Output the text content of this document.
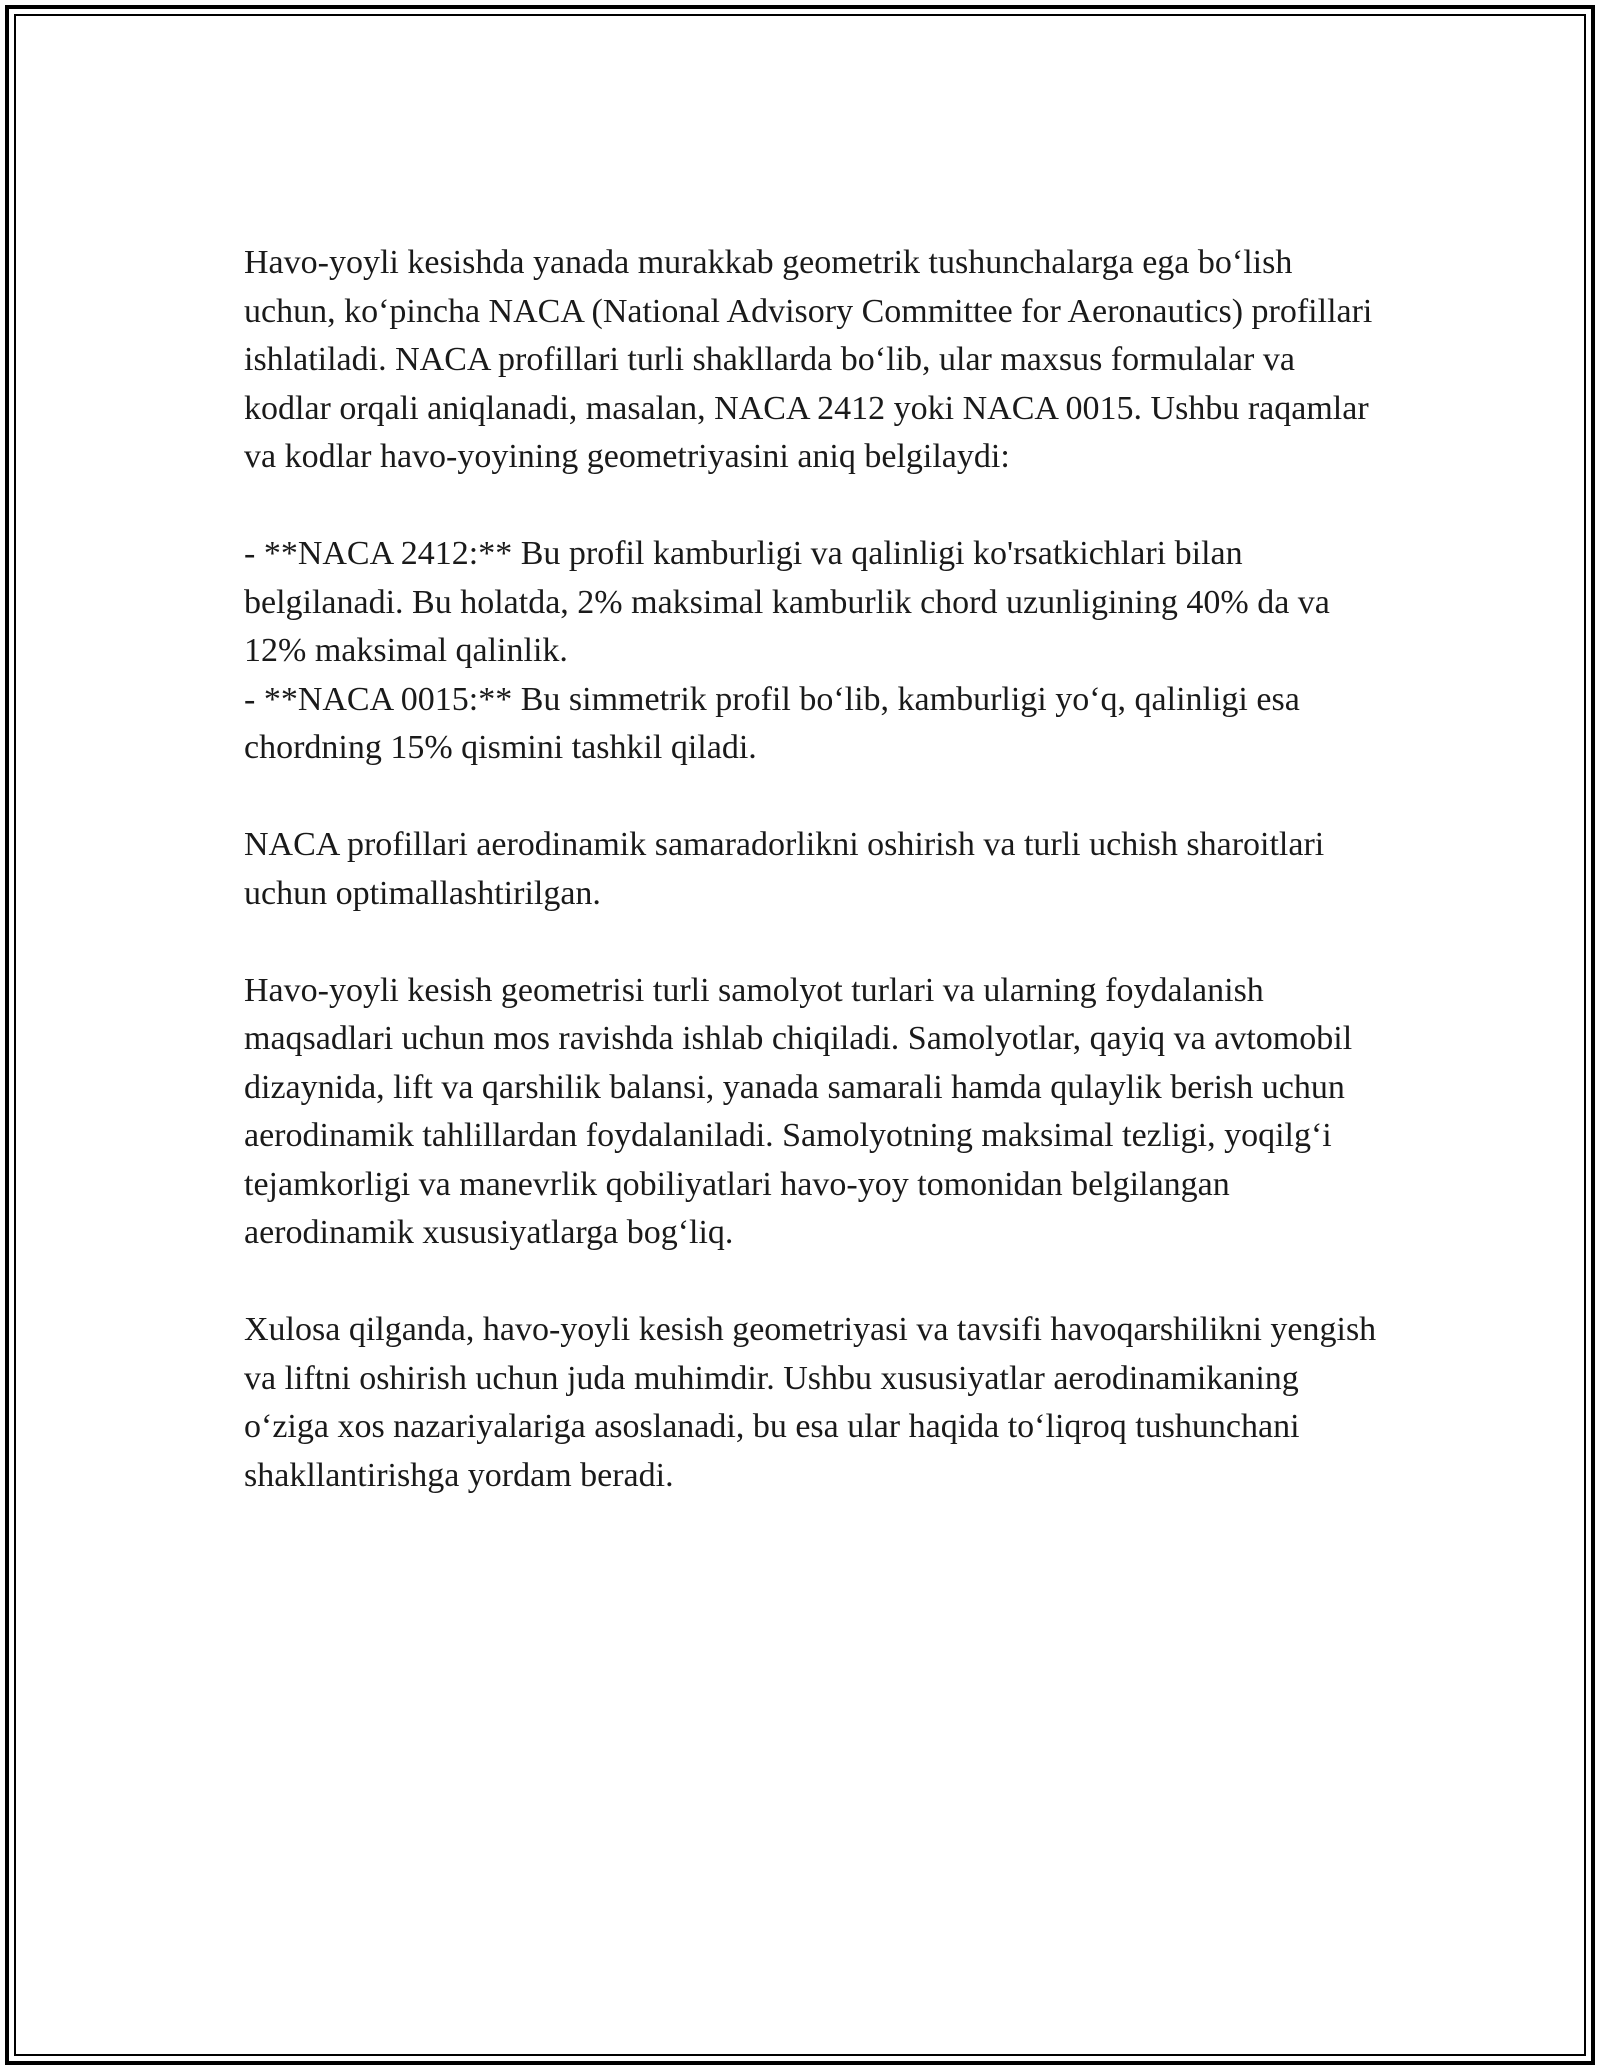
Havo-yoyli kesishda yanada murakkab geometrik tushunchalarga ega bo‘lish uchun, ko‘pincha NACA (National Advisory Committee for Aeronautics) profillari ishlatiladi. NACA profillari turli shakllarda bo‘lib, ular maxsus formulalar va kodlar orqali aniqlanadi, masalan, NACA 2412 yoki NACA 0015. Ushbu raqamlar va kodlar havo-yoyining geometriyasini aniq belgilaydi:

- **NACA 2412:** Bu profil kamburligi va qalinligi ko'rsatkichlari bilan belgilanadi. Bu holatda, 2% maksimal kamburlik chord uzunligining 40% da va 12% maksimal qalinlik.

- **NACA 0015:** Bu simmetrik profil bo‘lib, kamburligi yo‘q, qalinligi esa chordning 15% qismini tashkil qiladi.

NACA profillari aerodinamik samaradorlikni oshirish va turli uchish sharoitlari uchun optimallashtirilgan.

Havo-yoyli kesish geometrisi turli samolyot turlari va ularning foydalanish maqsadlari uchun mos ravishda ishlab chiqiladi. Samolyotlar, qayiq va avtomobil dizaynida, lift va qarshilik balansi, yanada samarali hamda qulaylik berish uchun aerodinamik tahlillardan foydalaniladi. Samolyotning maksimal tezligi, yoqilg‘i tejamkorligi va manevrlik qobiliyatlari havo-yoy tomonidan belgilangan aerodinamik xususiyatlarga bog‘liq.

Xulosa qilganda, havo-yoyli kesish geometriyasi va tavsifi havoqarshilikni yengish va liftni oshirish uchun juda muhimdir. Ushbu xususiyatlar aerodinamikaning o‘ziga xos nazariyalariga asoslanadi, bu esa ular haqida to‘liqroq tushunchani shakllantirishga yordam beradi.
